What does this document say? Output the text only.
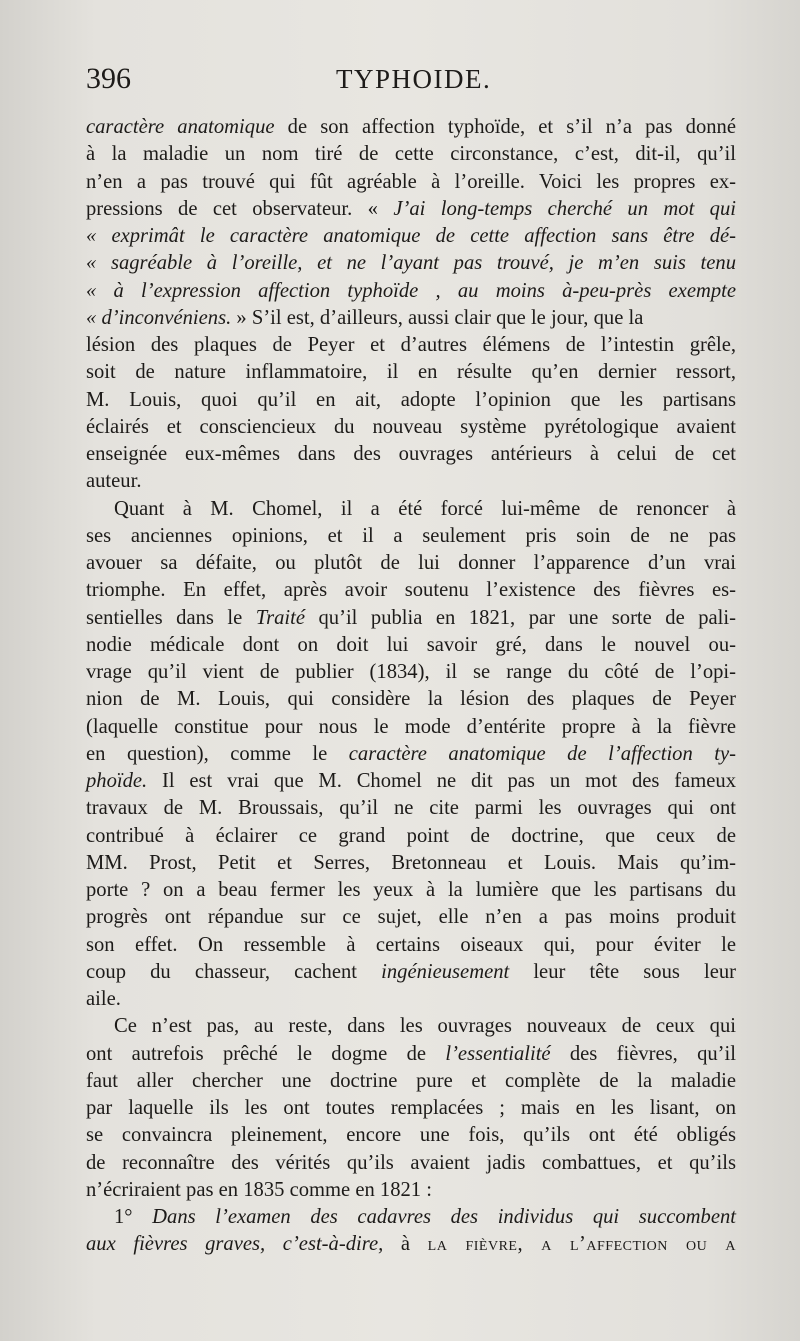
396	TYPHOIDE.
caractère anatomique de son affection typhoïde, et s’il n’a pas donné
à la maladie un nom tiré de cette circonstance, c’est, dit-il, qu’il
n’en a pas trouvé qui fût agréable à l’oreille. Voici les propres ex-
pressions de cet observateur. « J’ai long-temps cherché un mot qui
« exprimât le caractère anatomique de cette affection sans être dé-
« sagréable à l’oreille, et ne l’ayant pas trouvé, je m’en suis tenu
« à l’expression affection typhoïde , au moins à-peu-près exempte
« d’inconvéniens. » S’il est, d’ailleurs, aussi clair que le jour, que la
lésion des plaques de Peyer et d’autres élémens de l’intestin grêle,
soit de nature inflammatoire, il en résulte qu’en dernier ressort,
M. Louis, quoi qu’il en ait, adopte l’opinion que les partisans
éclairés et consciencieux du nouveau système pyrétologique avaient
enseignée eux-mêmes dans des ouvrages antérieurs à celui de cet
auteur.
Quant à M. Chomel, il a été forcé lui-même de renoncer à
ses anciennes opinions, et il a seulement pris soin de ne pas
avouer sa défaite, ou plutôt de lui donner l’apparence d’un vrai
triomphe. En effet, après avoir soutenu l’existence des fièvres es-
sentielles dans le Traité qu’il publia en 1821, par une sorte de pali-
nodie médicale dont on doit lui savoir gré, dans le nouvel ou-
vrage qu’il vient de publier (1834), il se range du côté de l’opi-
nion de M. Louis, qui considère la lésion des plaques de Peyer
(laquelle constitue pour nous le mode d’entérite propre à la fièvre
en question), comme le caractère anatomique de l’affection ty-
phoïde. Il est vrai que M. Chomel ne dit pas un mot des fameux
travaux de M. Broussais, qu’il ne cite parmi les ouvrages qui ont
contribué à éclairer ce grand point de doctrine, que ceux de
MM. Prost, Petit et Serres, Bretonneau et Louis. Mais qu’im-
porte ? on a beau fermer les yeux à la lumière que les partisans du
progrès ont répandue sur ce sujet, elle n’en a pas moins produit
son effet. On ressemble à certains oiseaux qui, pour éviter le
coup du chasseur, cachent ingénieusement leur tête sous leur
aile.
Ce n’est pas, au reste, dans les ouvrages nouveaux de ceux qui
ont autrefois prêché le dogme de l’essentialité des fièvres, qu’il
faut aller chercher une doctrine pure et complète de la maladie
par laquelle ils les ont toutes remplacées ; mais en les lisant, on
se convaincra pleinement, encore une fois, qu’ils ont été obligés
de reconnaître des vérités qu’ils avaient jadis combattues, et qu’ils
n’écriraient pas en 1835 comme en 1821 :
1° Dans l’examen des cadavres des individus qui succombent
aux fièvres graves, c’est-à-dire, à la fièvre, a l’affection ou a
